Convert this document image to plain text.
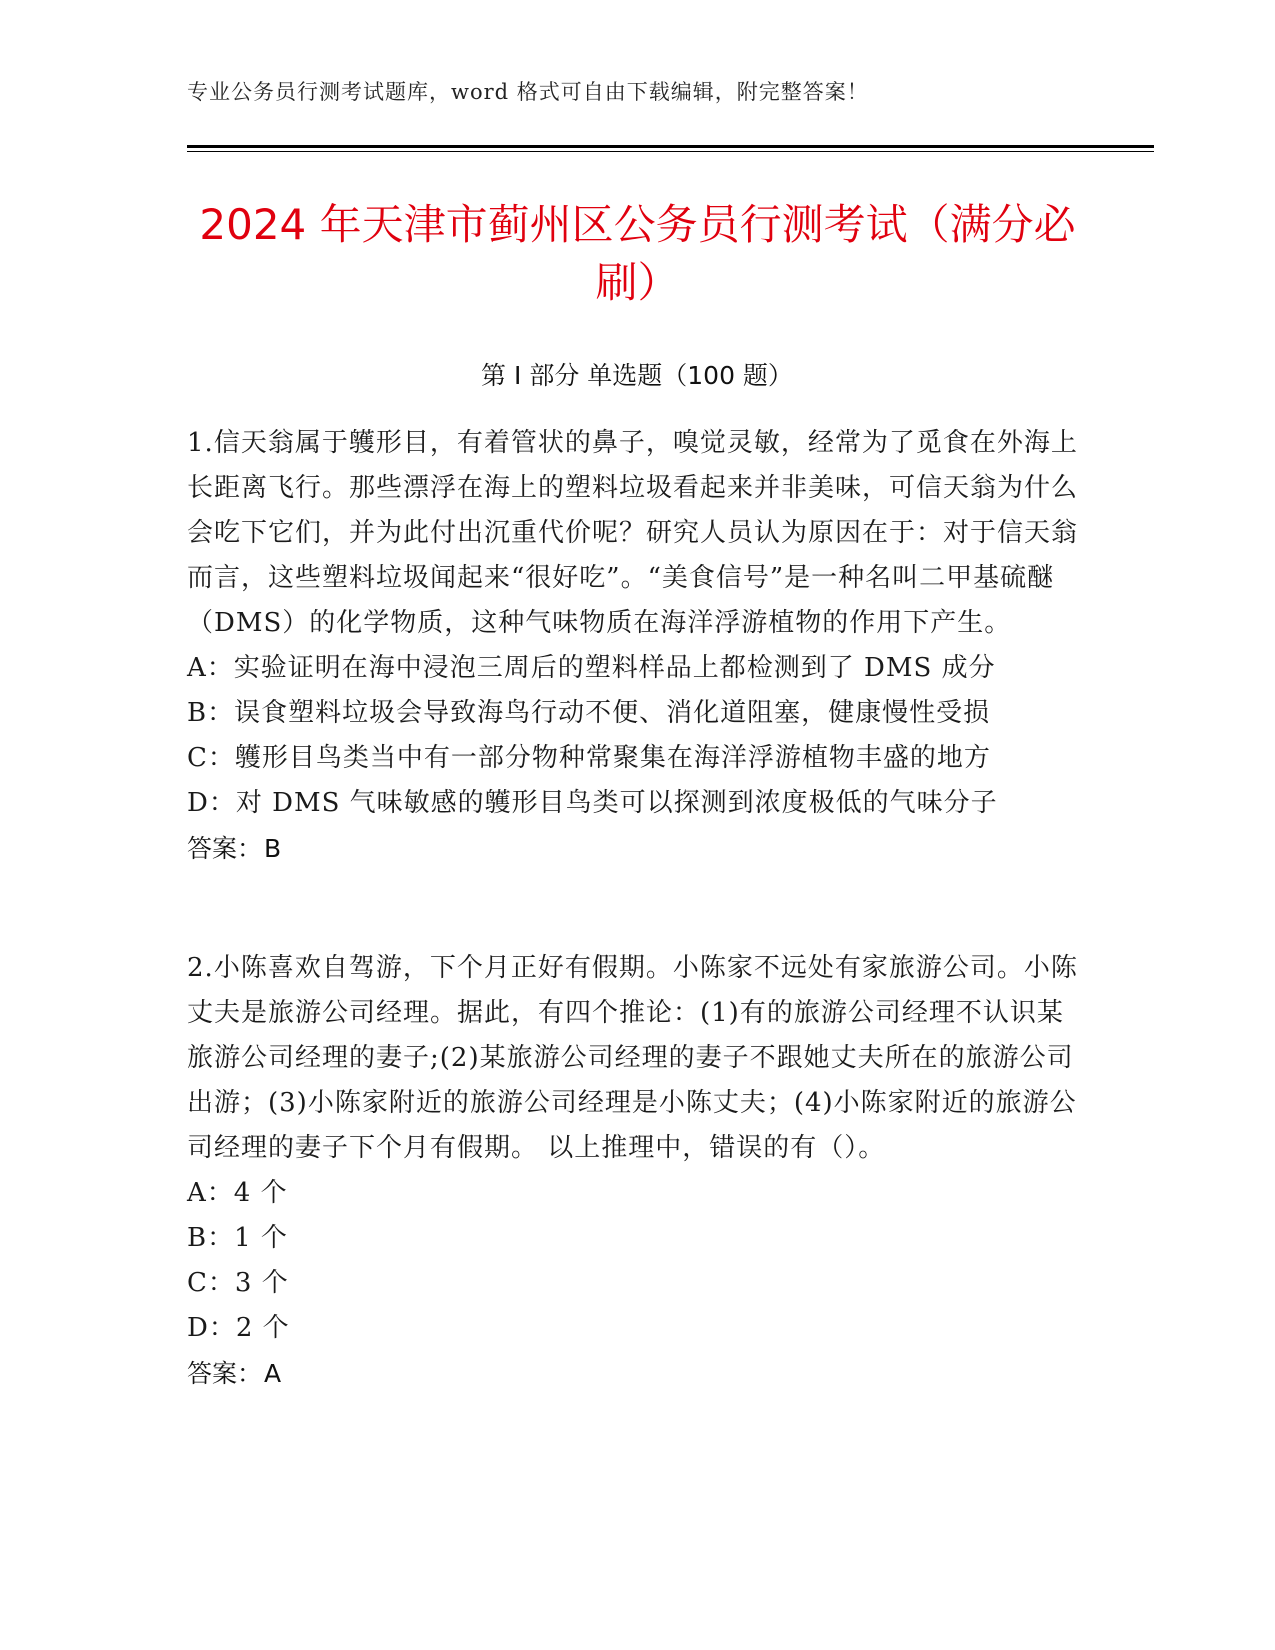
专业公务员行测考试题库，word 格式可自由下载编辑，附完整答案！
2024 年天津市蓟州区公务员行测考试（满分必刷）
第 I 部分 单选题（100 题）

1.信天翁属于鹱形目，有着管状的鼻子，嗅觉灵敏，经常为了觅食在外海上长距离飞行。那些漂浮在海上的塑料垃圾看起来并非美味，可信天翁为什么会吃下它们，并为此付出沉重代价呢？研究人员认为原因在于：对于信天翁而言，这些塑料垃圾闻起来“很好吃”。“美食信号”是一种名叫二甲基硫醚（DMS）的化学物质，这种气味物质在海洋浮游植物的作用下产生。

A：实验证明在海中浸泡三周后的塑料样品上都检测到了 DMS 成分

B：误食塑料垃圾会导致海鸟行动不便、消化道阻塞，健康慢性受损

C：鹱形目鸟类当中有一部分物种常聚集在海洋浮游植物丰盛的地方

D：对 DMS 气味敏感的鹱形目鸟类可以探测到浓度极低的气味分子

答案：B

2.小陈喜欢自驾游，下个月正好有假期。小陈家不远处有家旅游公司。小陈丈夫是旅游公司经理。据此，有四个推论：(1)有的旅游公司经理不认识某旅游公司经理的妻子;(2)某旅游公司经理的妻子不跟她丈夫所在的旅游公司出游；(3)小陈家附近的旅游公司经理是小陈丈夫；(4)小陈家附近的旅游公司经理的妻子下个月有假期。 以上推理中，错误的有（）。

A：4 个

B：1 个

C：3 个

D：2 个

答案：A
